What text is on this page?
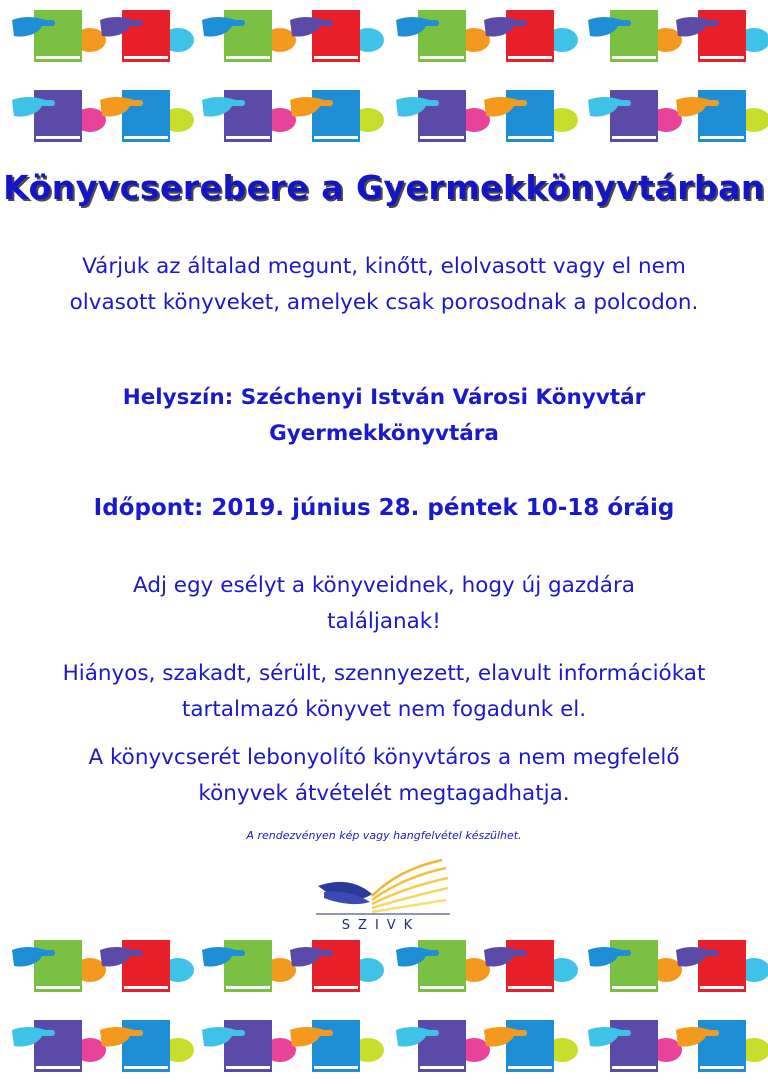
Könyvcserebere a Gyermekkönyvtárban
Várjuk az általad megunt, kinőtt, elolvasott vagy el nem olvasott könyveket, amelyek csak porosodnak a polcodon.
Helyszín: Széchenyi István Városi Könyvtár
Gyermekkönyvtára
Időpont: 2019. június 28. péntek 10-18 óráig
Adj egy esélyt a könyveidnek, hogy új gazdára találjanak!
Hiányos, szakadt, sérült, szennyezett, elavult információkat tartalmazó könyvet nem fogadunk el.
A könyvcserét lebonyolító könyvtáros a nem megfelelő könyvek átvételét megtagadhatja.
A rendezvényen kép vagy hangfelvétel készülhet.
SZIVK
